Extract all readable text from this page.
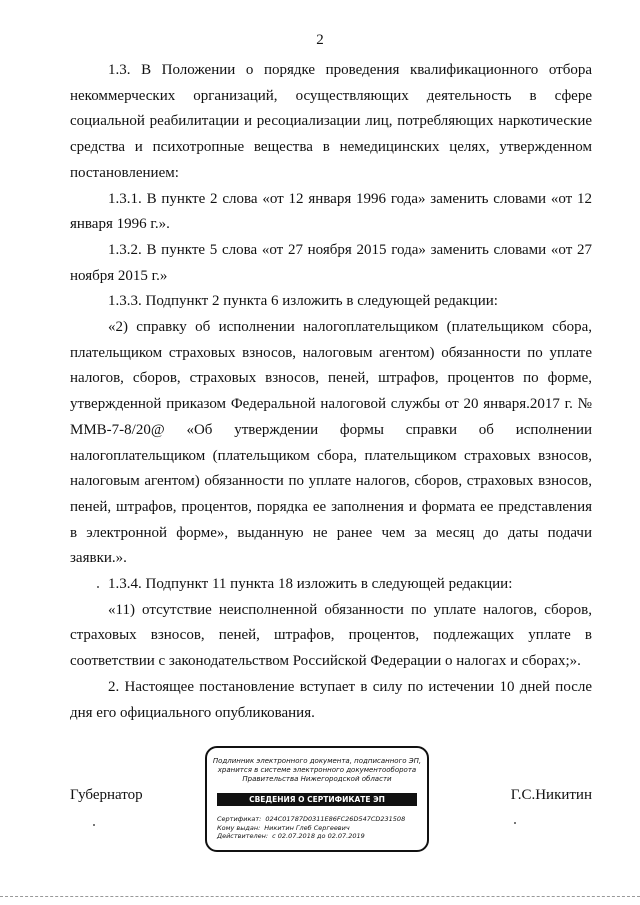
2

1.3. В Положении о порядке проведения квалификационного отбора некоммерческих организаций, осуществляющих деятельность в сфере социальной реабилитации и ресоциализации лиц, потребляющих наркотические средства и психотропные вещества в немедицинских целях, утвержденном постановлением:

1.3.1. В пункте 2 слова «от 12 января 1996 года» заменить словами «от 12 января 1996 г.».

1.3.2. В пункте 5 слова «от 27 ноября 2015 года» заменить словами «от 27 ноября 2015 г.»

1.3.3. Подпункт 2 пункта 6 изложить в следующей редакции:

«2) справку об исполнении налогоплательщиком (плательщиком сбора, плательщиком страховых взносов, налоговым агентом) обязанности по уплате налогов, сборов, страховых взносов, пеней, штрафов, процентов по форме, утвержденной приказом Федеральной налоговой службы от 20 января.2017 г. № ММВ-7-8/20@ «Об утверждении формы справки об исполнении налогоплательщиком (плательщиком сбора, плательщиком страховых взносов, налоговым агентом) обязанности по уплате налогов, сборов, страховых взносов, пеней, штрафов, процентов, порядка ее заполнения и формата ее представления в электронной форме», выданную не ранее чем за месяц до даты подачи заявки.».

1.3.4. Подпункт 11 пункта 18 изложить в следующей редакции:

«11) отсутствие неисполненной обязанности по уплате налогов, сборов, страховых взносов, пеней, штрафов, процентов, подлежащих уплате в соответствии с законодательством Российской Федерации о налогах и сборах;».

2. Настоящее постановление вступает в силу по истечении 10 дней после дня его официального опубликования.

Губернатор	Г.С.Никитин
Подлинник электронного документа, подписанного ЭП,
хранится в системе электронного документооборота
Правительства Нижегородской области
СВЕДЕНИЯ О СЕРТИФИКАТЕ ЭП
Сертификат: 024C01787D0311E86FC26D547CD231508
Кому выдан: Никитин Глеб Сергеевич
Действителен: с 02.07.2018 до 02.07.2019
